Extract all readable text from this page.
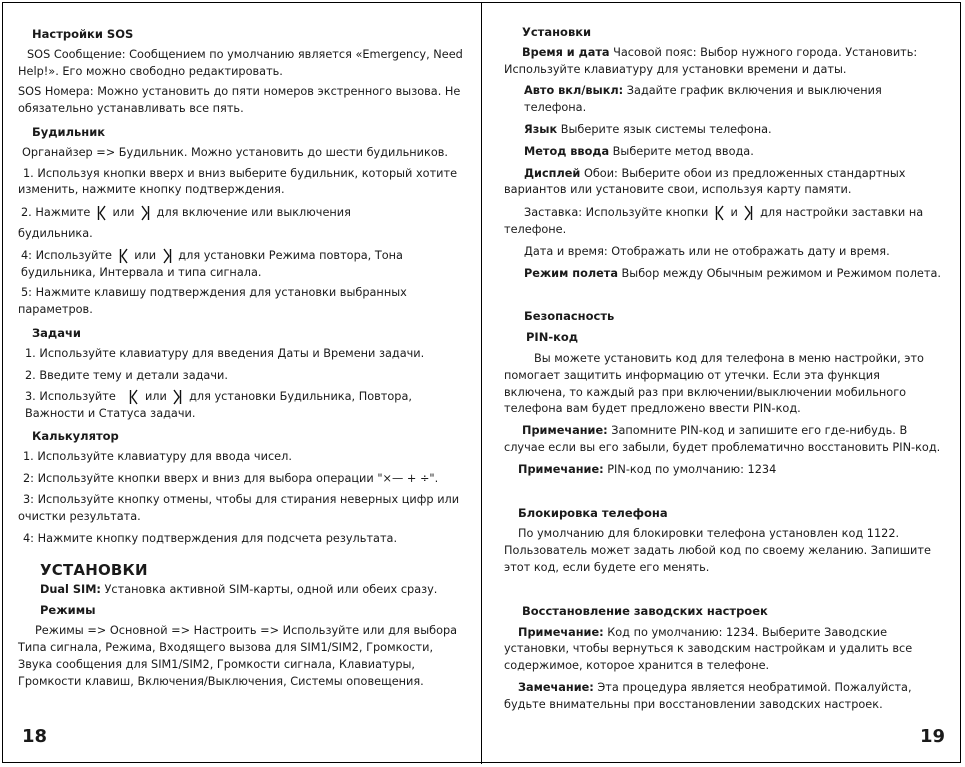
Настройки SOS

SOS Сообщение: Сообщением по умолчанию является «Emergency, Need Help!». Его можно свободно редактировать.

SOS Номера: Можно установить до пяти номеров экстренного вызова. Не обязательно устанавливать все пять.

Будильник

Органайзер => Будильник. Можно установить до шести будильников.

1. Используя кнопки вверх и вниз выберите будильник, который хотите изменить, нажмите кнопку подтверждения.

2. Нажмите или для включение или выключения

будильника.

4: Используйте или для установки Режима повтора, Тона будильника, Интервала и типа сигнала.

5: Нажмите клавишу подтверждения для установки выбранных параметров.

Задачи

1. Используйте клавиатуру для введения Даты и Времени задачи.

2. Введите тему и детали задачи.

3. Используйте	или для установки Будильника, Повтора, Важности и Статуса задачи.

Калькулятор

1. Используйте клавиатуру для ввода чисел.

2: Используйте кнопки вверх и вниз для выбора операции "×— + ÷".

3: Используйте кнопку отмены, чтобы для стирания неверных цифр или очистки результата.

4: Нажмите кнопку подтверждения для подсчета результата.

УСТАНОВКИ

Dual SIM: Установка активной SIM-карты, одной или обеих сразу.

Режимы

Режимы => Основной => Настроить => Используйте или для выбора Типа сигнала, Режима, Входящего вызова для SIM1/SIM2, Громкости, Звука сообщения для SIM1/SIM2, Громкости сигнала, Клавиатуры, Громкости клавиш, Включения/Выключения, Системы оповещения.

18

Установки

Время и дата Часовой пояс: Выбор нужного города. Установить: Используйте клавиатуру для установки времени и даты.

Авто вкл/выкл: Задайте график включения и выключения телефона.

Язык Выберите язык системы телефона.

Метод ввода Выберите метод ввода.

Дисплей Обои: Выберите обои из предложенных стандартных вариантов или установите свои, используя карту памяти.

Заставка: Используйте кнопки и для настройки заставки на телефоне.

Дата и время: Отображать или не отображать дату и время.

Режим полета Выбор между Обычным режимом и Режимом полета.

Безопасность

PIN-код

Вы можете установить код для телефона в меню настройки, это помогает защитить информацию от утечки. Если эта функция включена, то каждый раз при включении/выключении мобильного телефона вам будет предложено ввести PIN-код.

Примечание: Запомните PIN-код и запишите его где-нибудь. В случае если вы его забыли, будет проблематично восстановить PIN-код.

Примечание: PIN-код по умолчанию: 1234

Блокировка телефона

По умолчанию для блокировки телефона установлен код 1122. Пользователь может задать любой код по своему желанию. Запишите этот код, если будете его менять.

Восстановление заводских настроек

Примечание: Код по умолчанию: 1234. Выберите Заводские установки, чтобы вернуться к заводским настройкам и удалить все содержимое, которое хранится в телефоне.

Замечание: Эта процедура является необратимой. Пожалуйста, будьте внимательны при восстановлении заводских настроек.

19
